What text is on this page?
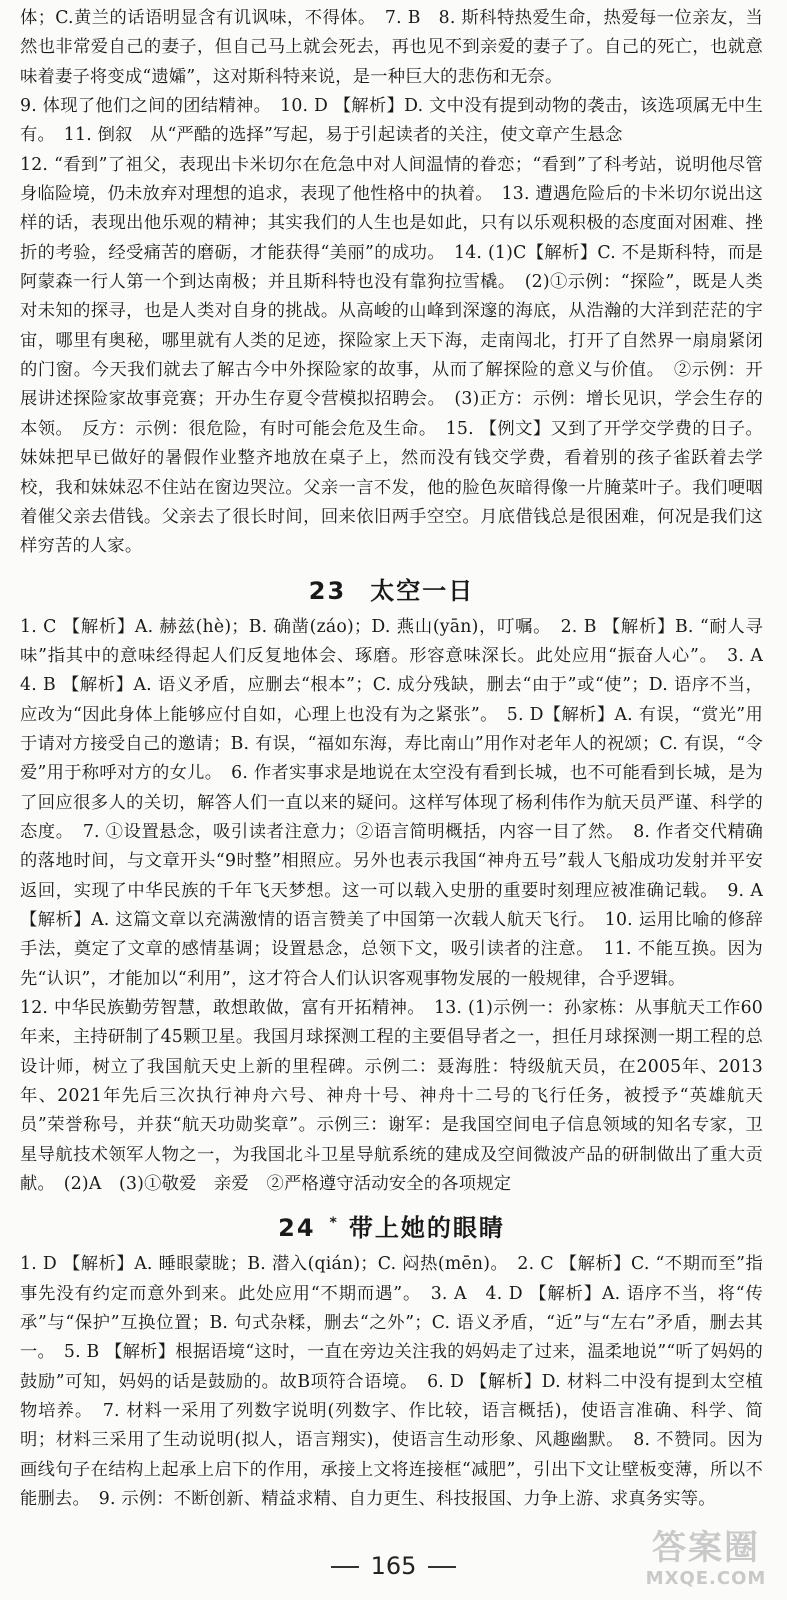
体；C.黄兰的话语明显含有讥讽味，不得体。　7. B　8. 斯科特热爱生命，热爱每一位亲友，当然也非常爱自己的妻子，但自己马上就会死去，再也见不到亲爱的妻子了。自己的死亡，也就意味着妻子将变成“遗孀”，这对斯科特来说，是一种巨大的悲伤和无奈。

9. 体现了他们之间的团结精神。　10. D 【解析】D. 文中没有提到动物的袭击，该选项属无中生有。　11. 倒叙　从“严酷的选择”写起，易于引起读者的关注，使文章产生悬念

12. “看到”了祖父，表现出卡米切尔在危急中对人间温情的眷恋；“看到”了科考站，说明他尽管身临险境，仍未放弃对理想的追求，表现了他性格中的执着。　13. 遭遇危险后的卡米切尔说出这样的话，表现出他乐观的精神；其实我们的人生也是如此，只有以乐观积极的态度面对困难、挫折的考验，经受痛苦的磨砺，才能获得“美丽”的成功。　14. (1)C【解析】C. 不是斯科特，而是阿蒙森一行人第一个到达南极；并且斯科特也没有靠狗拉雪橇。　(2)①示例：“探险”，既是人类对未知的探寻，也是人类对自身的挑战。从高峻的山峰到深邃的海底，从浩瀚的大洋到茫茫的宇宙，哪里有奥秘，哪里就有人类的足迹，探险家上天下海，走南闯北，打开了自然界一扇扇紧闭的门窗。今天我们就去了解古今中外探险家的故事，从而了解探险的意义与价值。　②示例：开展讲述探险家故事竞赛；开办生存夏令营模拟招聘会。　(3)正方：示例：增长见识，学会生存的本领。　反方：示例：很危险，有时可能会危及生命。　15. 【例文】又到了开学交学费的日子。妹妹把早已做好的暑假作业整齐地放在桌子上，然而没有钱交学费，看着别的孩子雀跃着去学校，我和妹妹忍不住站在窗边哭泣。父亲一言不发，他的脸色灰暗得像一片腌菜叶子。我们哽咽着催父亲去借钱。父亲去了很长时间，回来依旧两手空空。月底借钱总是很困难，何况是我们这样穷苦的人家。

23 太空一日

1. C 【解析】A. 赫兹(hè)；B. 确凿(záo)；D. 燕山(yān)，叮嘱。　2. B 【解析】B. “耐人寻味”指其中的意味经得起人们反复地体会、琢磨。形容意味深长。此处应用“振奋人心”。　3. A　4. B 【解析】A. 语义矛盾，应删去“根本”；C. 成分残缺，删去“由于”或“使”；D. 语序不当，应改为“因此身体上能够应付自如，心理上也没有为之紧张”。　5. D【解析】A. 有误，“赏光”用于请对方接受自己的邀请；B. 有误，“福如东海，寿比南山”用作对老年人的祝颂；C. 有误，“令爱”用于称呼对方的女儿。　6. 作者实事求是地说在太空没有看到长城，也不可能看到长城，是为了回应很多人的关切，解答人们一直以来的疑问。这样写体现了杨利伟作为航天员严谨、科学的态度。　7. ①设置悬念，吸引读者注意力；②语言简明概括，内容一目了然。　8. 作者交代精确的落地时间，与文章开头“9时整”相照应。另外也表示我国“神舟五号”载人飞船成功发射并平安返回，实现了中华民族的千年飞天梦想。这一可以载入史册的重要时刻理应被准确记载。　9. A 【解析】A. 这篇文章以充满激情的语言赞美了中国第一次载人航天飞行。　10. 运用比喻的修辞手法，奠定了文章的感情基调；设置悬念，总领下文，吸引读者的注意。　11. 不能互换。因为先“认识”，才能加以“利用”，这才符合人们认识客观事物发展的一般规律，合乎逻辑。

12. 中华民族勤劳智慧，敢想敢做，富有开拓精神。　13. (1)示例一：孙家栋：从事航天工作60年来，主持研制了45颗卫星。我国月球探测工程的主要倡导者之一，担任月球探测一期工程的总设计师，树立了我国航天史上新的里程碑。示例二：聂海胜：特级航天员，在2005年、2013年、2021年先后三次执行神舟六号、神舟十号、神舟十二号的飞行任务，被授予“英雄航天员”荣誉称号，并获“航天功勋奖章”。示例三：谢军：是我国空间电子信息领域的知名专家，卫星导航技术领军人物之一，为我国北斗卫星导航系统的建成及空间微波产品的研制做出了重大贡献。　(2)A　(3)①敬爱　亲爱　②严格遵守活动安全的各项规定

24 * 带上她的眼睛

1. D 【解析】A. 睡眼蒙眬；B. 潜入(qián)；C. 闷热(mēn)。　2. C 【解析】C. “不期而至”指事先没有约定而意外到来。此处应用“不期而遇”。　3. A　4. D 【解析】A. 语序不当，将“传承”与“保护”互换位置；B. 句式杂糅，删去“之外”；C. 语义矛盾，“近”与“左右”矛盾，删去其一。　5. B 【解析】根据语境“这时，一直在旁边关注我的妈妈走了过来，温柔地说”“听了妈妈的鼓励”可知，妈妈的话是鼓励的。故B项符合语境。　6. D 【解析】D. 材料二中没有提到太空植物培养。　7. 材料一采用了列数字说明(列数字、作比较，语言概括)，使语言准确、科学、简明；材料三采用了生动说明(拟人，语言翔实)，使语言生动形象、风趣幽默。　8. 不赞同。因为画线句子在结构上起承上启下的作用，承接上文将连接框“减肥”，引出下文让壁板变薄，所以不能删去。　9. 示例：不断创新、精益求精、自力更生、科技报国、力争上游、求真务实等。

165	答案圈
MXQE.COM
